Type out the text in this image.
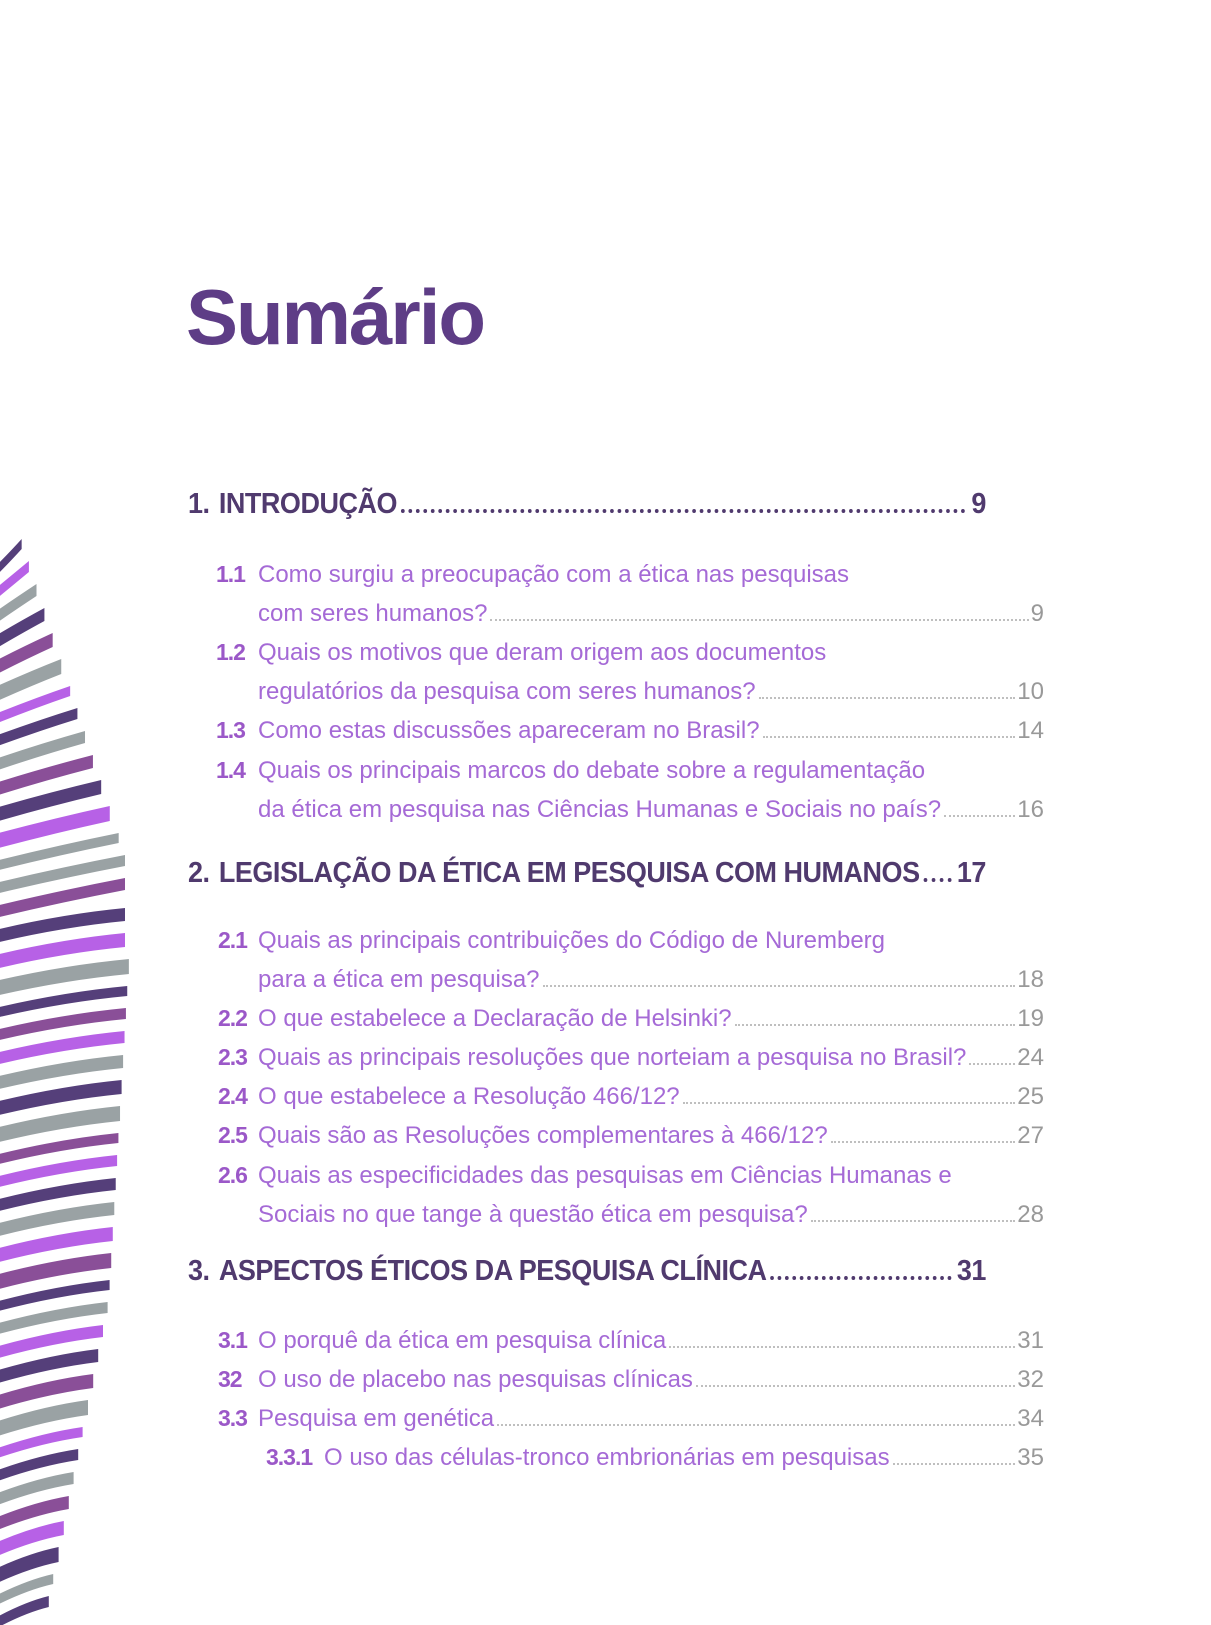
Sumário
1. INTRODUÇÃO	9
1.1 Como surgiu a preocupação com a ética nas pesquisas
com seres humanos?	9
1.2 Quais os motivos que deram origem aos documentos
regulatórios da pesquisa com seres humanos?	10
1.3 Como estas discussões apareceram no Brasil?	14
1.4 Quais os principais marcos do debate sobre a regulamentação
da ética em pesquisa nas Ciências Humanas e Sociais no país?	16
2. LEGISLAÇÃO DA ÉTICA EM PESQUISA COM HUMANOS 17
2.1 Quais as principais contribuições do Código de Nuremberg
para a ética em pesquisa?	18
2.2 O que estabelece a Declaração de Helsinki?	19
2.3 Quais as principais resoluções que norteiam a pesquisa no Brasil? 24
2.4 O que estabelece a Resolução 466/12?	25
2.5 Quais são as Resoluções complementares à 466/12?	27
2.6 Quais as especificidades das pesquisas em Ciências Humanas e
Sociais no que tange à questão ética em pesquisa?	28
3. ASPECTOS ÉTICOS DA PESQUISA CLÍNICA	31
3.1 O porquê da ética em pesquisa clínica	31
32 O uso de placebo nas pesquisas clínicas	32
3.3 Pesquisa em genética	34
3.3.1 O uso das células-tronco embrionárias em pesquisas	35
